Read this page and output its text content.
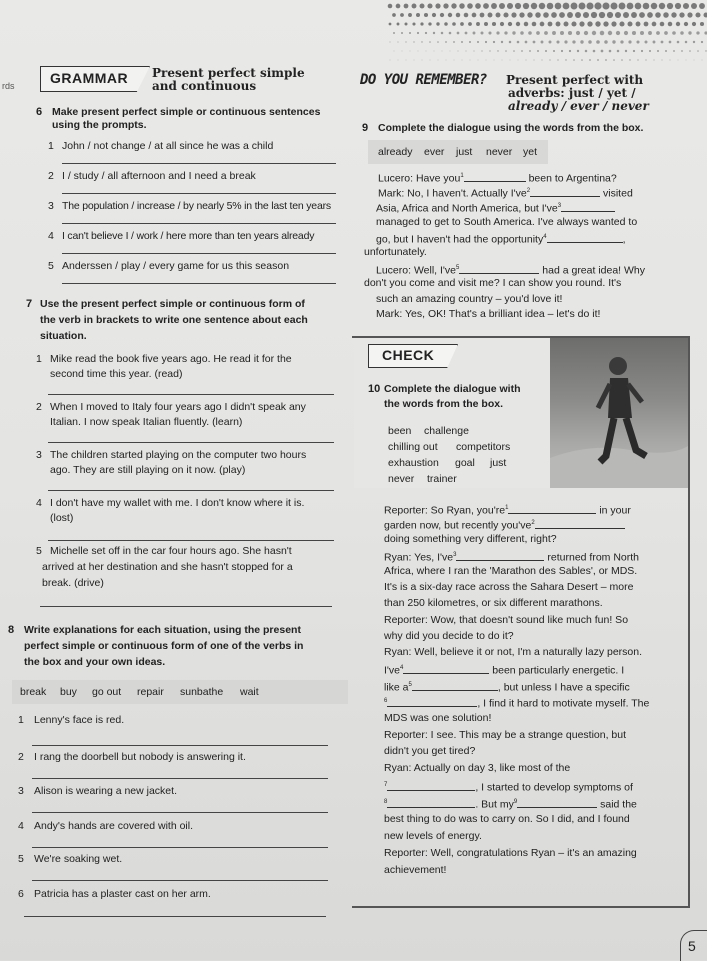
rds	GRAMMAR Present perfect simple
and continuous	DO YOU REMEMBER? Present perfect with
adverbs: just / yet /
already / ever / never
6 Make present perfect simple or continuous sentences
using the prompts.
1 John / not change / at all since he was a child
2 I / study / all afternoon and I need a break
3 The population / increase / by nearly 5% in the last ten years
4 I can't believe I / work / here more than ten years already
5 Anderssen / play / every game for us this season
7 Use the present perfect simple or continuous form of
the verb in brackets to write one sentence about each
situation.
1 Mike read the book five years ago. He read it for the
second time this year. (read)
2 When I moved to Italy four years ago I didn't speak any
Italian. I now speak Italian fluently. (learn)
3 The children started playing on the computer two hours
ago. They are still playing on it now. (play)
4 I don't have my wallet with me. I don't know where it is.
(lost)
5 Michelle set off in the car four hours ago. She hasn't
arrived at her destination and she hasn't stopped for a
break. (drive)
8 Write explanations for each situation, using the present
perfect simple or continuous form of one of the verbs in
the box and your own ideas.
break buy go out repair sunbathe wait
1 Lenny's face is red.
2 I rang the doorbell but nobody is answering it.
3 Alison is wearing a new jacket.
4 Andy's hands are covered with oil.
5 We're soaking wet.
6 Patricia has a plaster cast on her arm.
9 Complete the dialogue using the words from the box.
already ever just never yet
Lucero: Have you$^1$	been to Argentina?
Mark: No, I haven't. Actually $I've^2$	visited
Asia, Africa and North America, but $I've^3$
managed to get to South America. I've always wanted to
go, but I haven't had the opportunity$^4$	,
unfortunately.
Lucero: Well, $I've^5$	had a great idea! Why
don't you come and visit me? I can show you round. It's
such an amazing country – you'd love it!
Mark: Yes, OK! That's a brilliant idea – let's do it!
CHECK
10 Complete the dialogue with
the words from the box.
been challenge
chilling out competitors
exhaustion goal just
never trainer
Reporter: So Ryan, $you're^1$	in your
garden now, but recently $you've^2$
doing something very different, right?
Ryan: Yes, $I've^3$	returned from North
Africa, where I ran the 'Marathon des Sables', or MDS.
It's is a six-day race across the Sahara Desert – more
than 250 kilometres, or six different marathons.
Reporter: Wow, that doesn't sound like much fun! So
why did you decide to do it?
Ryan: Well, believe it or not, I'm a naturally lazy person.
$I've^4$	been particularly energetic. I
like $a^5$	, but unless I have a specific
$^6$	, I find it hard to motivate myself. The
MDS was one solution!
Reporter: I see. This may be a strange question, but
didn't you get tired?
Ryan: Actually on day 3, like most of the
$^7$	, I started to develop symptoms of
$^8$	. But $my^9$	said the
best thing to do was to carry on. So I did, and I found
new levels of energy.
Reporter: Well, congratulations Ryan – it's an amazing
achievement!
5
